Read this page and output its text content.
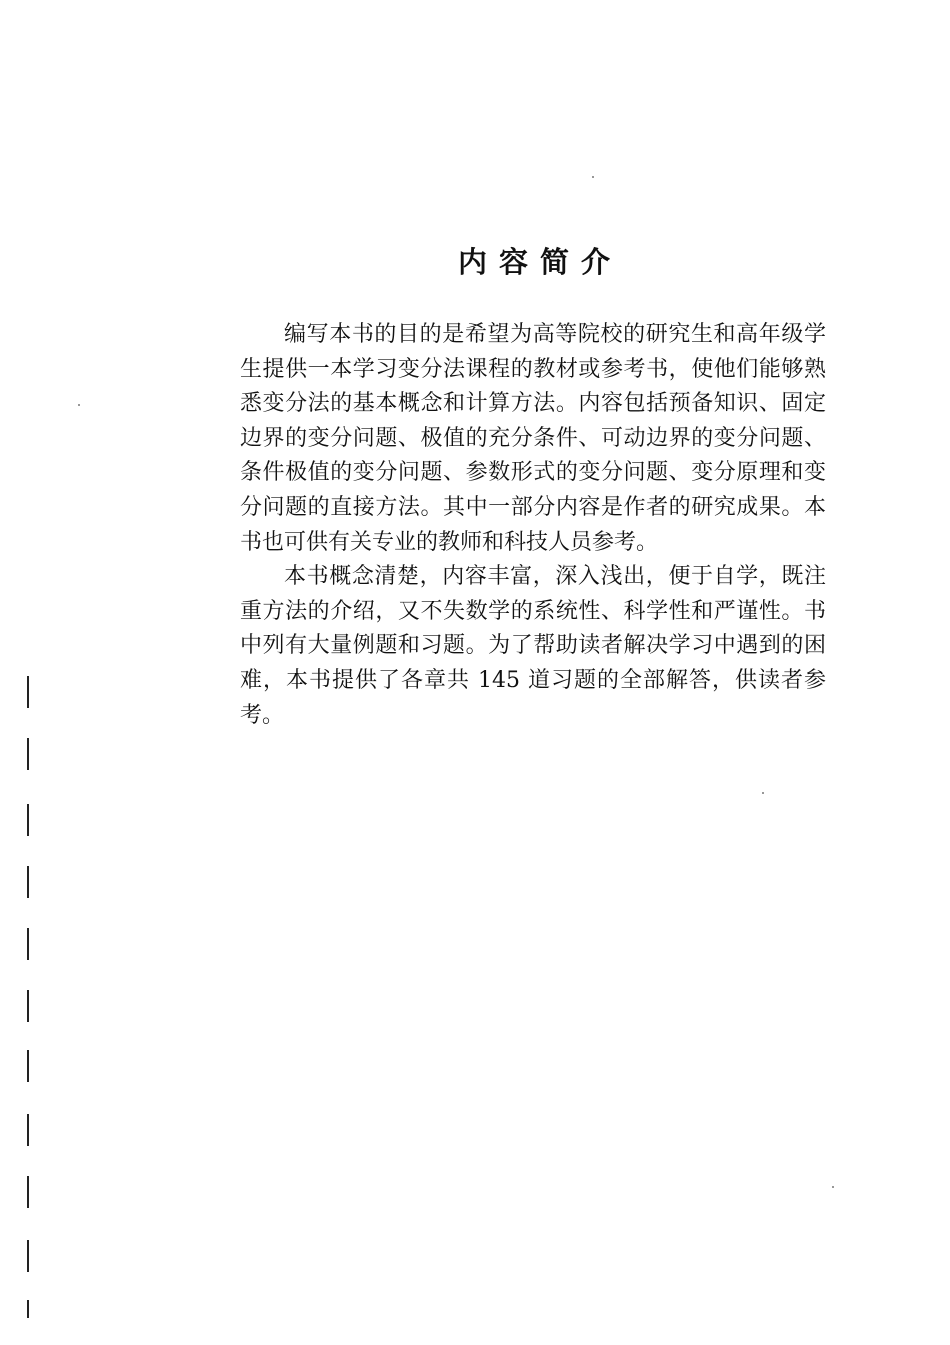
内容简介

编写本书的目的是希望为高等院校的研究生和高年级学生提供一本学习变分法课程的教材或参考书，使他们能够熟悉变分法的基本概念和计算方法。内容包括预备知识、固定边界的变分问题、极值的充分条件、可动边界的变分问题、条件极值的变分问题、参数形式的变分问题、变分原理和变分问题的直接方法。其中一部分内容是作者的研究成果。本书也可供有关专业的教师和科技人员参考。

本书概念清楚，内容丰富，深入浅出，便于自学，既注重方法的介绍，又不失数学的系统性、科学性和严谨性。书中列有大量例题和习题。为了帮助读者解决学习中遇到的困难，本书提供了各章共 145 道习题的全部解答，供读者参考。
